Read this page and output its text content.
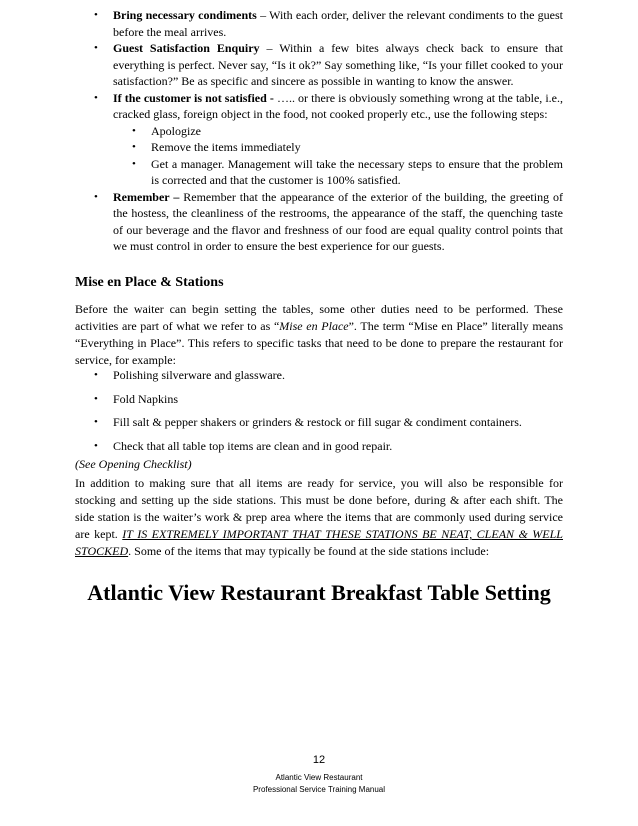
• Bring necessary condiments – With each order, deliver the relevant condiments to the guest before the meal arrives.
• Guest Satisfaction Enquiry – Within a few bites always check back to ensure that everything is perfect. Never say, “Is it ok?” Say something like, “Is your fillet cooked to your satisfaction?” Be as specific and sincere as possible in wanting to know the answer.
• If the customer is not satisfied - ….. or there is obviously something wrong at the table, i.e., cracked glass, foreign object in the food, not cooked properly etc., use the following steps:
• Apologize
• Remove the items immediately
• Get a manager. Management will take the necessary steps to ensure that the problem is corrected and that the customer is 100% satisfied.
• Remember – Remember that the appearance of the exterior of the building, the greeting of the hostess, the cleanliness of the restrooms, the appearance of the staff, the quenching taste of our beverage and the flavor and freshness of our food are equal quality control points that we must control in order to ensure the best experience for our guests.
Mise en Place & Stations

Before the waiter can begin setting the tables, some other duties need to be performed. These activities are part of what we refer to as “Mise en Place”. The term “Mise en Place” literally means “Everything in Place”. This refers to specific tasks that need to be done to prepare the restaurant for service, for example:

• Polishing silverware and glassware.
• Fold Napkins
• Fill salt & pepper shakers or grinders & restock or fill sugar & condiment containers.
• Check that all table top items are clean and in good repair.

(See Opening Checklist)

In addition to making sure that all items are ready for service, you will also be responsible for stocking and setting up the side stations. This must be done before, during & after each shift. The side station is the waiter’s work & prep area where the items that are commonly used during service are kept. IT IS EXTREMELY IMPORTANT THAT THESE STATIONS BE NEAT, CLEAN & WELL STOCKED. Some of the items that may typically be found at the side stations include:

Atlantic View Restaurant Breakfast Table Setting
12
Atlantic View Restaurant
Professional Service Training Manual
